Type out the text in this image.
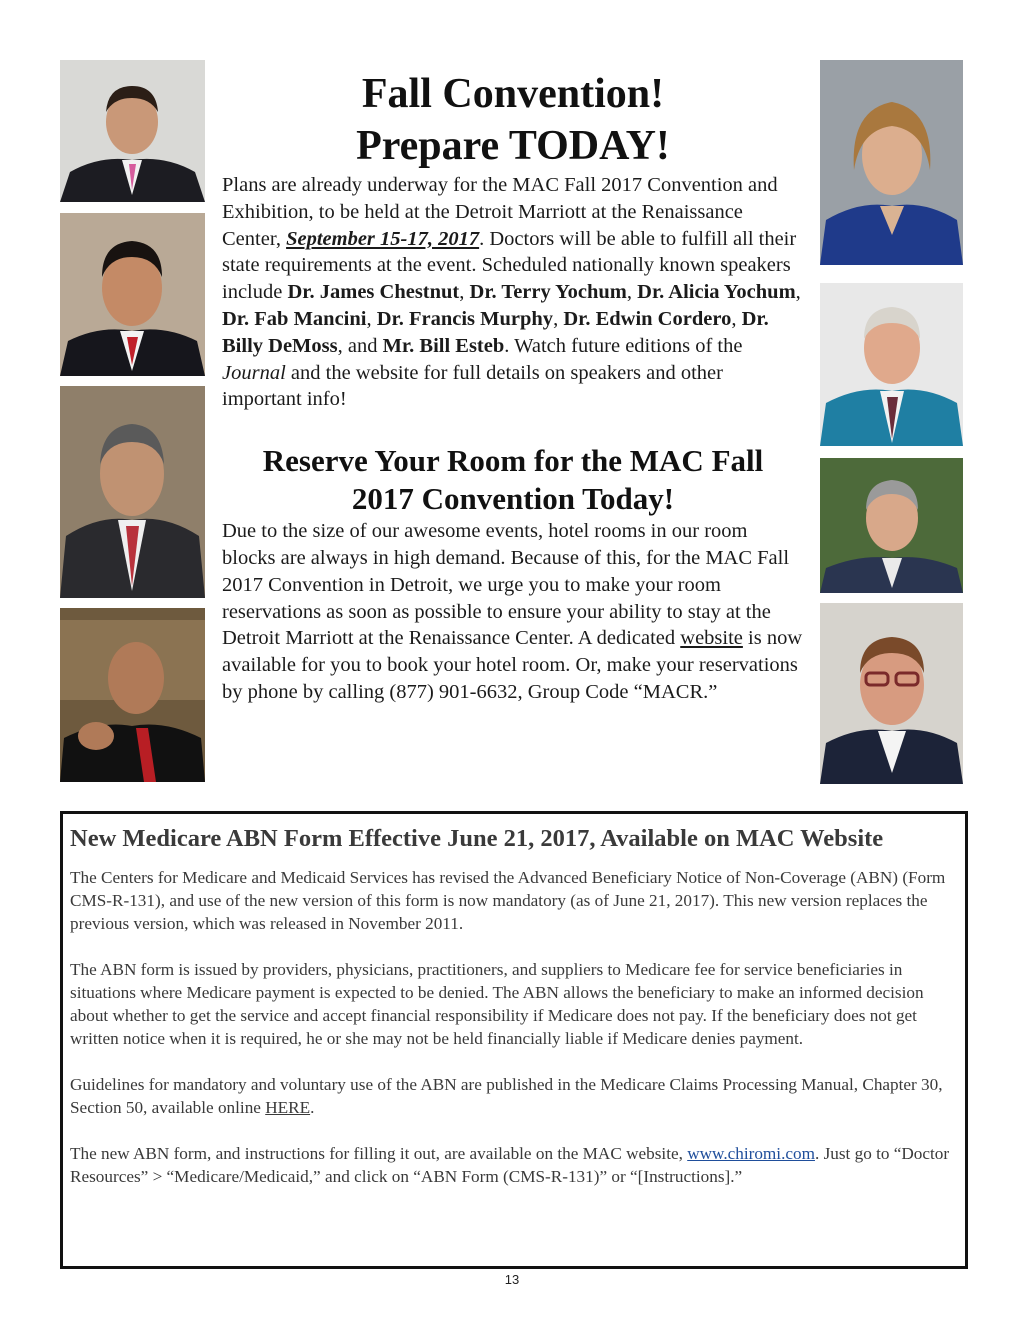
Fall Convention!
Prepare TODAY!

Plans are already underway for the MAC Fall 2017 Convention and Exhibition, to be held at the Detroit Marriott at the Renaissance Center, September 15-17, 2017. Doctors will be able to fulfill all their state requirements at the event. Scheduled nationally known speakers include Dr. James Chestnut, Dr. Terry Yochum, Dr. Alicia Yochum, Dr. Fab Mancini, Dr. Francis Murphy, Dr. Edwin Cordero, Dr. Billy DeMoss, and Mr. Bill Esteb. Watch future editions of the Journal and the website for full details on speakers and other important info!

Reserve Your Room for the MAC Fall 2017 Convention Today!

Due to the size of our awesome events, hotel rooms in our room blocks are always in high demand. Because of this, for the MAC Fall 2017 Convention in Detroit, we urge you to make your room reservations as soon as possible to ensure your ability to stay at the Detroit Marriott at the Renaissance Center. A dedicated website is now available for you to book your hotel room. Or, make your reservations by phone by calling (877) 901-6632, Group Code “MACR.”

New Medicare ABN Form Effective June 21, 2017, Available on MAC Website

The Centers for Medicare and Medicaid Services has revised the Advanced Beneficiary Notice of Non-Coverage (ABN) (Form CMS-R-131), and use of the new version of this form is now mandatory (as of June 21, 2017). This new version replaces the previous version, which was released in November 2011.

The ABN form is issued by providers, physicians, practitioners, and suppliers to Medicare fee for service beneficiaries in situations where Medicare payment is expected to be denied. The ABN allows the beneficiary to make an informed decision about whether to get the service and accept financial responsibility if Medicare does not pay. If the beneficiary does not get written notice when it is required, he or she may not be held financially liable if Medicare denies payment.

Guidelines for mandatory and voluntary use of the ABN are published in the Medicare Claims Processing Manual, Chapter 30, Section 50, available online HERE.

The new ABN form, and instructions for filling it out, are available on the MAC website, www.chiromi.com. Just go to “Doctor Resources” > “Medicare/Medicaid,” and click on “ABN Form (CMS-R-131)” or “[Instructions].”

13
